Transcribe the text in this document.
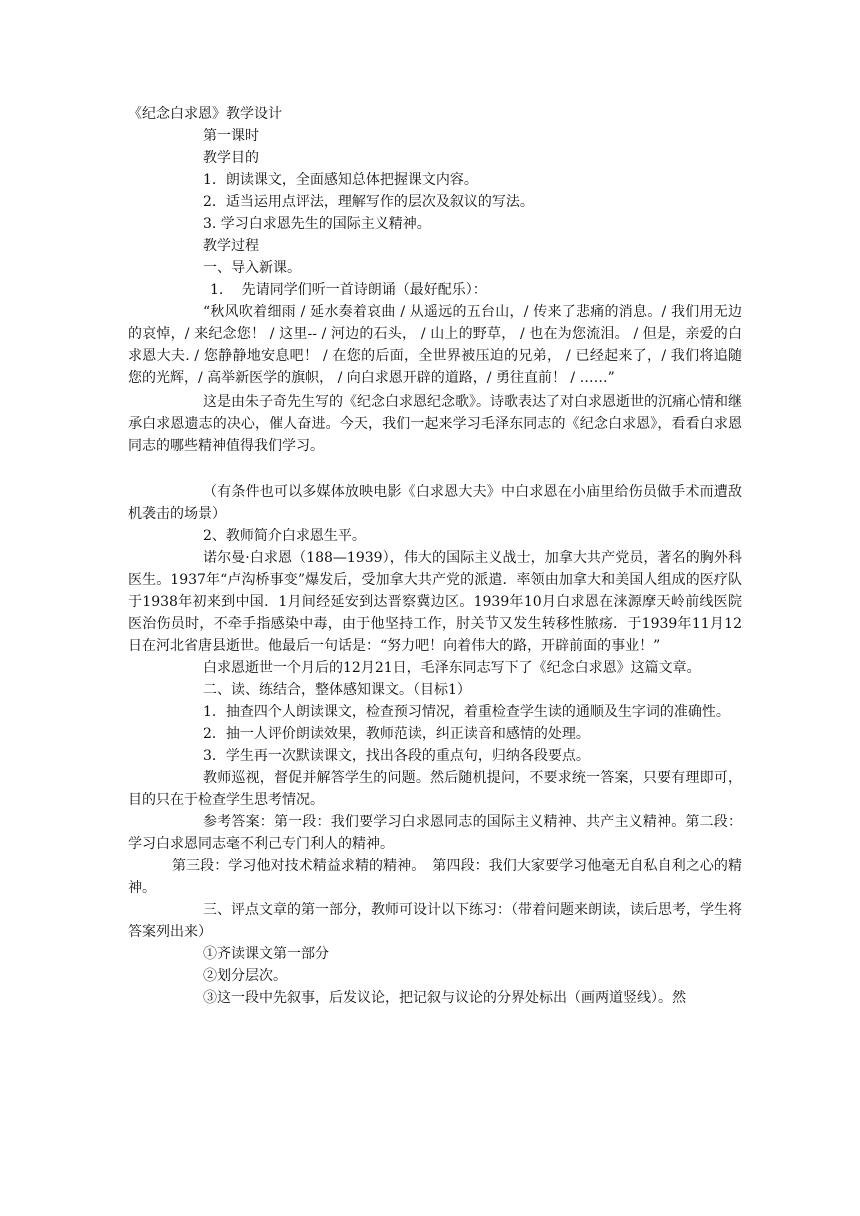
《纪念白求恩》教学设计

第一课时

教学目的

1．朗读课文，全面感知总体把握课文内容。

2．适当运用点评法，理解写作的层次及叙议的写法。

3. 学习白求恩先生的国际主义精神。

教学过程

一、导入新课。

1.　 先请同学们听一首诗朗诵（最好配乐）：

“秋风吹着细雨 / 延水奏着哀曲 / 从遥远的五台山，/ 传来了悲痛的消息。/ 我们用无边的哀悼，/ 来纪念您！ / 这里-- / 河边的石头， / 山上的野草， / 也在为您流泪。 / 但是，亲爱的白求恩大夫. / 您静静地安息吧！ / 在您的后面，全世界被压迫的兄弟， / 已经起来了，/ 我们将追随您的光辉，/ 高举新医学的旗帜， / 向白求恩开辟的道路，/ 勇往直前！ / ……”

这是由朱子奇先生写的《纪念白求恩纪念歌》。诗歌表达了对白求恩逝世的沉痛心情和继承白求恩遗志的决心，催人奋进。今天，我们一起来学习毛泽东同志的《纪念白求恩》，看看白求恩同志的哪些精神值得我们学习。

（有条件也可以多媒体放映电影《白求恩大夫》中白求恩在小庙里给伤员做手术而遭敌机袭击的场景）

2、教师简介白求恩生平。

诺尔曼·白求恩（188—1939），伟大的国际主义战士，加拿大共产党员，著名的胸外科医生。1937年“卢沟桥事变”爆发后，受加拿大共产党的派遣．率领由加拿大和美国人组成的医疗队于1938年初来到中国．1月间经延安到达晋察冀边区。1939年10月白求恩在涞源摩天岭前线医院医治伤员时，不牵手指感染中毒，由于他坚持工作，肘关节又发生转移性脓疡．于1939年11月12日在河北省唐县逝世。他最后一句话是：“努力吧！向着伟大的路，开辟前面的事业！”

白求恩逝世一个月后的12月21日，毛泽东同志写下了《纪念白求恩》这篇文章。

二、读、练结合，整体感知课文。（目标1）

1．抽查四个人朗读课文，检查预习情况，着重检查学生读的通顺及生字词的准确性。

2．抽一人评价朗读效果，教师范读，纠正读音和感情的处理。

3．学生再一次默读课文，找出各段的重点句，归纳各段要点。

教师巡视，督促并解答学生的问题。然后随机提问，不要求统一答案，只要有理即可，目的只在于检查学生思考情况。

参考答案：第一段：我们要学习白求恩同志的国际主义精神、共产主义精神。第二段：学习白求恩同志毫不利己专门利人的精神。

第三段：学习他对技术精益求精的精神。　第四段：我们大家要学习他毫无自私自利之心的精神。

三、评点文章的第一部分，教师可设计以下练习：（带着问题来朗读，读后思考，学生将答案列出来）

①齐读课文第一部分

②划分层次。

③这一段中先叙事，后发议论，把记叙与议论的分界处标出（画两道竖线）。然
